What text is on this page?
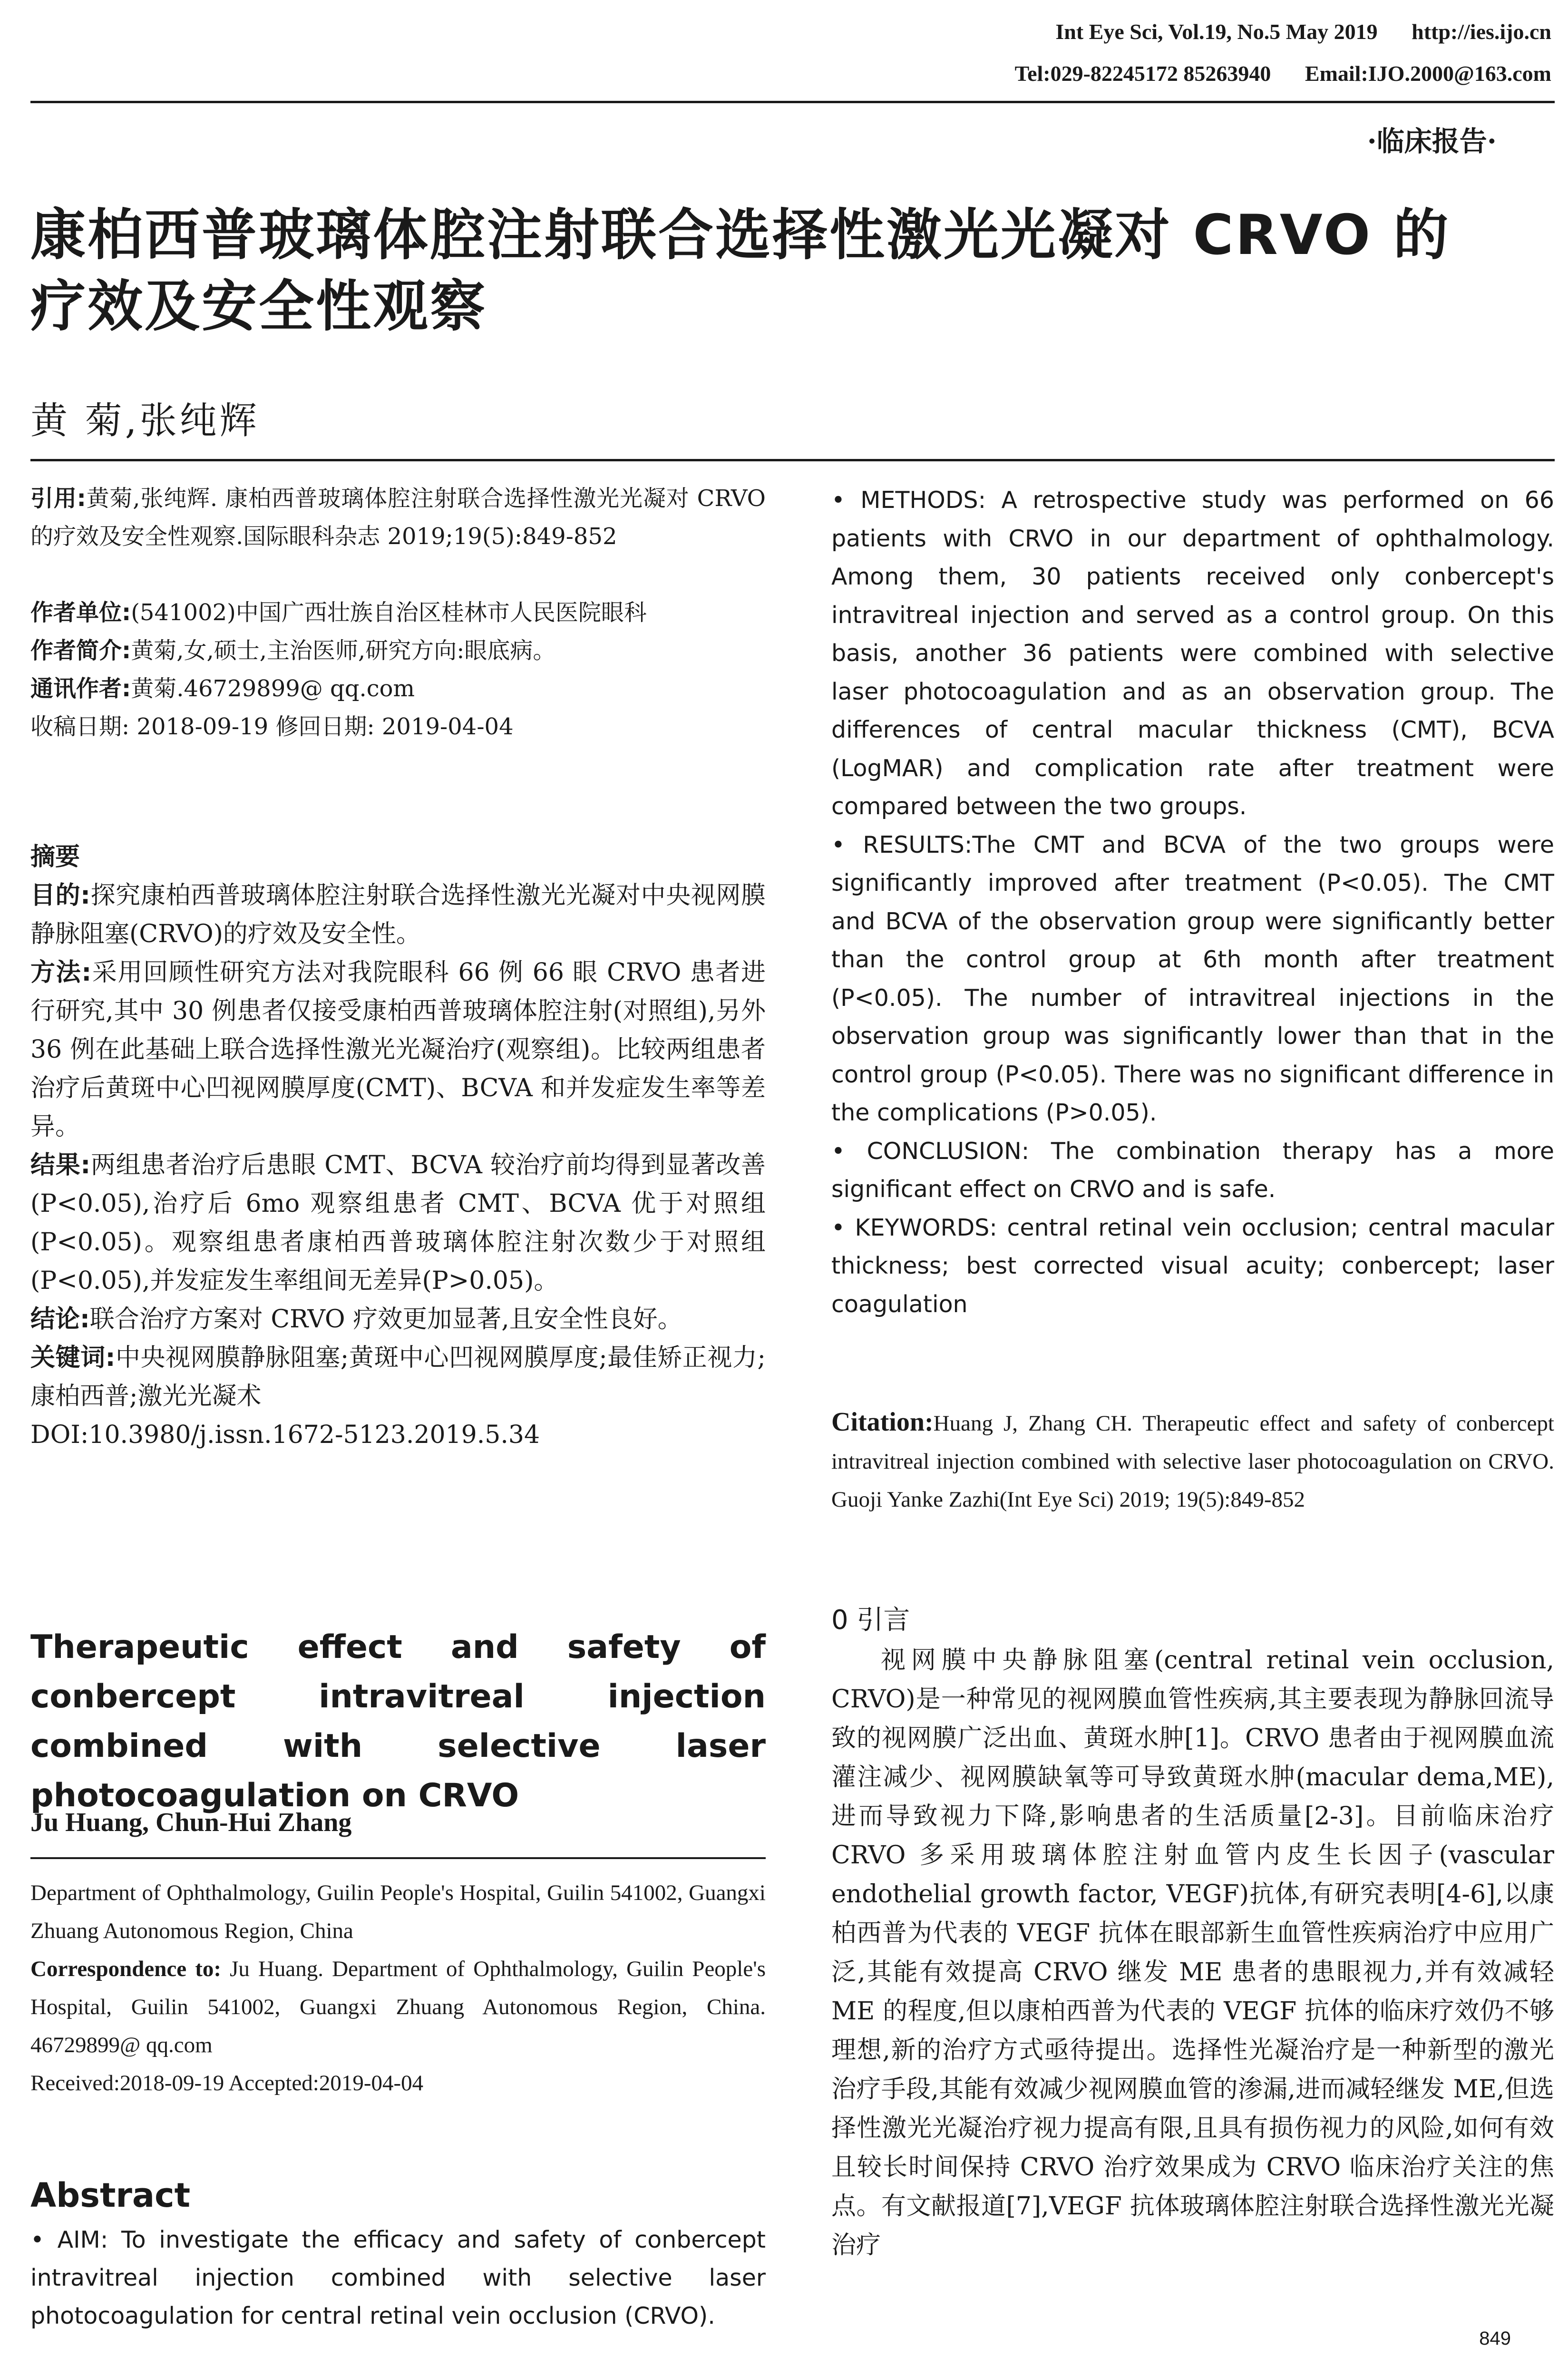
Int Eye Sci, Vol.19, No.5 May 2019 http://ies.ijo.cn
Tel:029-82245172 85263940 Email:IJO.2000@163.com
·临床报告·
康柏西普玻璃体腔注射联合选择性激光光凝对 CRVO 的
疗效及安全性观察
黄 菊,张纯辉

引用:黄菊,张纯辉. 康柏西普玻璃体腔注射联合选择性激光光凝对 CRVO 的疗效及安全性观察.国际眼科杂志 2019;19(5):849-852

作者单位:(541002)中国广西壮族自治区桂林市人民医院眼科

作者简介:黄菊,女,硕士,主治医师,研究方向:眼底病。

通讯作者:黄菊.46729899@ qq.com

收稿日期: 2018-09-19 修回日期: 2019-04-04

摘要

目的:探究康柏西普玻璃体腔注射联合选择性激光光凝对中央视网膜静脉阻塞(CRVO)的疗效及安全性。

方法:采用回顾性研究方法对我院眼科 66 例 66 眼 CRVO 患者进行研究,其中 30 例患者仅接受康柏西普玻璃体腔注射(对照组),另外 36 例在此基础上联合选择性激光光凝治疗(观察组)。比较两组患者治疗后黄斑中心凹视网膜厚度(CMT)、BCVA 和并发症发生率等差异。

结果:两组患者治疗后患眼 CMT、BCVA 较治疗前均得到显著改善(P<0.05),治疗后 6mo 观察组患者 CMT、BCVA 优于对照组(P<0.05)。观察组患者康柏西普玻璃体腔注射次数少于对照组(P<0.05),并发症发生率组间无差异(P>0.05)。

结论:联合治疗方案对 CRVO 疗效更加显著,且安全性良好。

关键词:中央视网膜静脉阻塞;黄斑中心凹视网膜厚度;最佳矫正视力;康柏西普;激光光凝术

DOI:10.3980/j.issn.1672-5123.2019.5.34

Therapeutic effect and safety of conbercept intravitreal injection combined with selective laser photocoagulation on CRVO
Ju Huang, Chun-Hui Zhang

Department of Ophthalmology, Guilin People's Hospital, Guilin 541002, Guangxi Zhuang Autonomous Region, China

Correspondence to: Ju Huang. Department of Ophthalmology, Guilin People's Hospital, Guilin 541002, Guangxi Zhuang Autonomous Region, China. 46729899@ qq.com

Received:2018-09-19 Accepted:2019-04-04

Abstract

• AIM: To investigate the efficacy and safety of conbercept intravitreal injection combined with selective laser photocoagulation for central retinal vein occlusion (CRVO).

• METHODS: A retrospective study was performed on 66 patients with CRVO in our department of ophthalmology. Among them, 30 patients received only conbercept's intravitreal injection and served as a control group. On this basis, another 36 patients were combined with selective laser photocoagulation and as an observation group. The differences of central macular thickness (CMT), BCVA (LogMAR) and complication rate after treatment were compared between the two groups.

• RESULTS:The CMT and BCVA of the two groups were significantly improved after treatment (P<0.05). The CMT and BCVA of the observation group were significantly better than the control group at 6th month after treatment (P<0.05). The number of intravitreal injections in the observation group was significantly lower than that in the control group (P<0.05). There was no significant difference in the complications (P>0.05).

• CONCLUSION: The combination therapy has a more significant effect on CRVO and is safe.

• KEYWORDS: central retinal vein occlusion; central macular thickness; best corrected visual acuity; conbercept; laser coagulation

Citation:Huang J, Zhang CH. Therapeutic effect and safety of conbercept intravitreal injection combined with selective laser photocoagulation on CRVO. Guoji Yanke Zazhi(Int Eye Sci) 2019; 19(5):849-852

0 引言

视网膜中央静脉阻塞(central retinal vein occlusion, CRVO)是一种常见的视网膜血管性疾病,其主要表现为静脉回流导致的视网膜广泛出血、黄斑水肿[1]。CRVO 患者由于视网膜血流灌注减少、视网膜缺氧等可导致黄斑水肿(macular dema,ME),进而导致视力下降,影响患者的生活质量[2-3]。目前临床治疗 CRVO 多采用玻璃体腔注射血管内皮生长因子(vascular endothelial growth factor, VEGF)抗体,有研究表明[4-6],以康柏西普为代表的 VEGF 抗体在眼部新生血管性疾病治疗中应用广泛,其能有效提高 CRVO 继发 ME 患者的患眼视力,并有效减轻 ME 的程度,但以康柏西普为代表的 VEGF 抗体的临床疗效仍不够理想,新的治疗方式亟待提出。选择性光凝治疗是一种新型的激光治疗手段,其能有效减少视网膜血管的渗漏,进而减轻继发 ME,但选择性激光光凝治疗视力提高有限,且具有损伤视力的风险,如何有效且较长时间保持 CRVO 治疗效果成为 CRVO 临床治疗关注的焦点。有文献报道[7],VEGF 抗体玻璃体腔注射联合选择性激光光凝治疗

849
